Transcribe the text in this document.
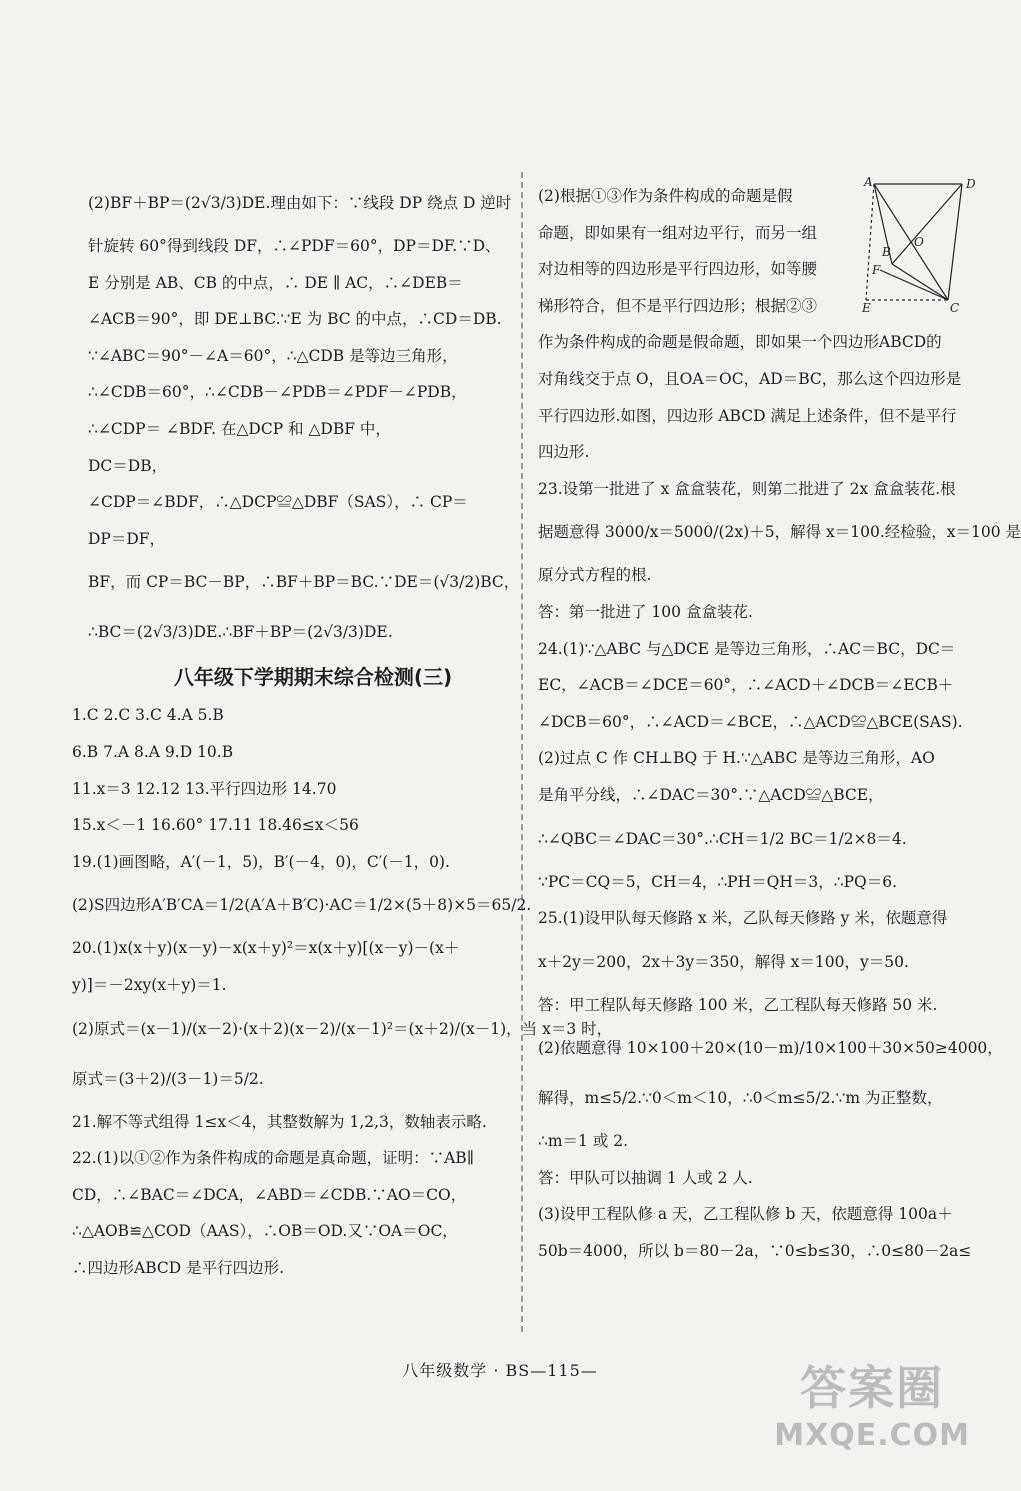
(2)BF＋BP＝(2√3/3)DE.理由如下：∵线段 DP 绕点 D 逆时
针旋转 60°得到线段 DF，∴∠PDF＝60°，DP＝DF.∵D、
E 分别是 AB、CB 的中点，∴ DE ∥ AC，∴∠DEB＝
∠ACB＝90°，即 DE⊥BC.∵E 为 BC 的中点，∴CD＝DB.
∵∠ABC＝90°－∠A＝60°，∴△CDB 是等边三角形，
∴∠CDB＝60°，∴∠CDB－∠PDB＝∠PDF－∠PDB，
∴∠CDP＝ ∠BDF. 在△DCP 和 △DBF 中，
DC＝DB，
∠CDP＝∠BDF，∴△DCP≌△DBF（SAS），∴ CP＝
DP＝DF，
BF，而 CP＝BC－BP，∴BF＋BP＝BC.∵DE＝(√3/2)BC，
∴BC＝(2√3/3)DE.∴BF＋BP＝(2√3/3)DE.
八年级下学期期末综合检测(三)
1.C 2.C 3.C 4.A 5.B
6.B 7.A 8.A 9.D 10.B
11.x＝3 12.12 13.平行四边形 14.70
15.x＜－1 16.60° 17.11 18.46≤x＜56
19.(1)画图略，A′(－1，5)，B′(－4，0)，C′(－1，0).
(2)S四边形A′B′CA＝1/2(A′A＋B′C)·AC＝1/2×(5＋8)×5＝65/2.
20.(1)x(x＋y)(x－y)－x(x＋y)²＝x(x＋y)[(x－y)－(x＋
y)]＝－2xy(x＋y)＝1.
(2)原式＝(x－1)/(x－2)·(x＋2)(x－2)/(x－1)²＝(x＋2)/(x－1)，当 x＝3 时，
原式＝(3＋2)/(3－1)＝5/2.
21.解不等式组得 1≤x＜4，其整数解为 1,2,3，数轴表示略.
22.(1)以①②作为条件构成的命题是真命题，证明：∵AB∥
CD，∴∠BAC＝∠DCA，∠ABD＝∠CDB.∵AO＝CO，
∴△AOB≌△COD（AAS），∴OB＝OD.又∵OA＝OC，
∴四边形ABCD 是平行四边形.
(2)根据①③作为条件构成的命题是假
命题，即如果有一组对边平行，而另一组
对边相等的四边形是平行四边形，如等腰
梯形符合，但不是平行四边形；根据②③
作为条件构成的命题是假命题，即如果一个四边形ABCD的
对角线交于点 O，且OA＝OC，AD＝BC，那么这个四边形是
平行四边形.如图，四边形 ABCD 满足上述条件，但不是平行
四边形.
23.设第一批进了 x 盒盒装花，则第二批进了 2x 盒盒装花.根
据题意得 3000/x＝5000/(2x)＋5，解得 x＝100.经检验，x＝100 是
原分式方程的根.
答：第一批进了 100 盒盒装花.
24.(1)∵△ABC 与△DCE 是等边三角形，∴AC＝BC，DC＝
EC，∠ACB＝∠DCE＝60°，∴∠ACD＋∠DCB＝∠ECB＋
∠DCB＝60°，∴∠ACD＝∠BCE，∴△ACD≌△BCE(SAS).
(2)过点 C 作 CH⊥BQ 于 H.∵△ABC 是等边三角形，AO
是角平分线，∴∠DAC＝30°.∵△ACD≌△BCE，
∴∠QBC＝∠DAC＝30°.∴CH＝1/2 BC＝1/2×8＝4.
∵PC＝CQ＝5，CH＝4，∴PH＝QH＝3，∴PQ＝6.
25.(1)设甲队每天修路 x 米，乙队每天修路 y 米，依题意得
x＋2y＝200，2x＋3y＝350，解得 x＝100，y＝50.
答：甲工程队每天修路 100 米，乙工程队每天修路 50 米.
(2)依题意得 10×100＋20×(10－m)/10×100＋30×50≥4000，
解得，m≤5/2.∵0＜m＜10，∴0＜m≤5/2.∵m 为正整数，
∴m＝1 或 2.
答：甲队可以抽调 1 人或 2 人.
(3)设甲工程队修 a 天，乙工程队修 b 天，依题意得 100a＋
50b＝4000，所以 b＝80－2a，∵0≤b≤30，∴0≤80－2a≤
A	D
B
O
F
E	C
八年级数学 · BS—115—	答案圈
MXQE.COM
